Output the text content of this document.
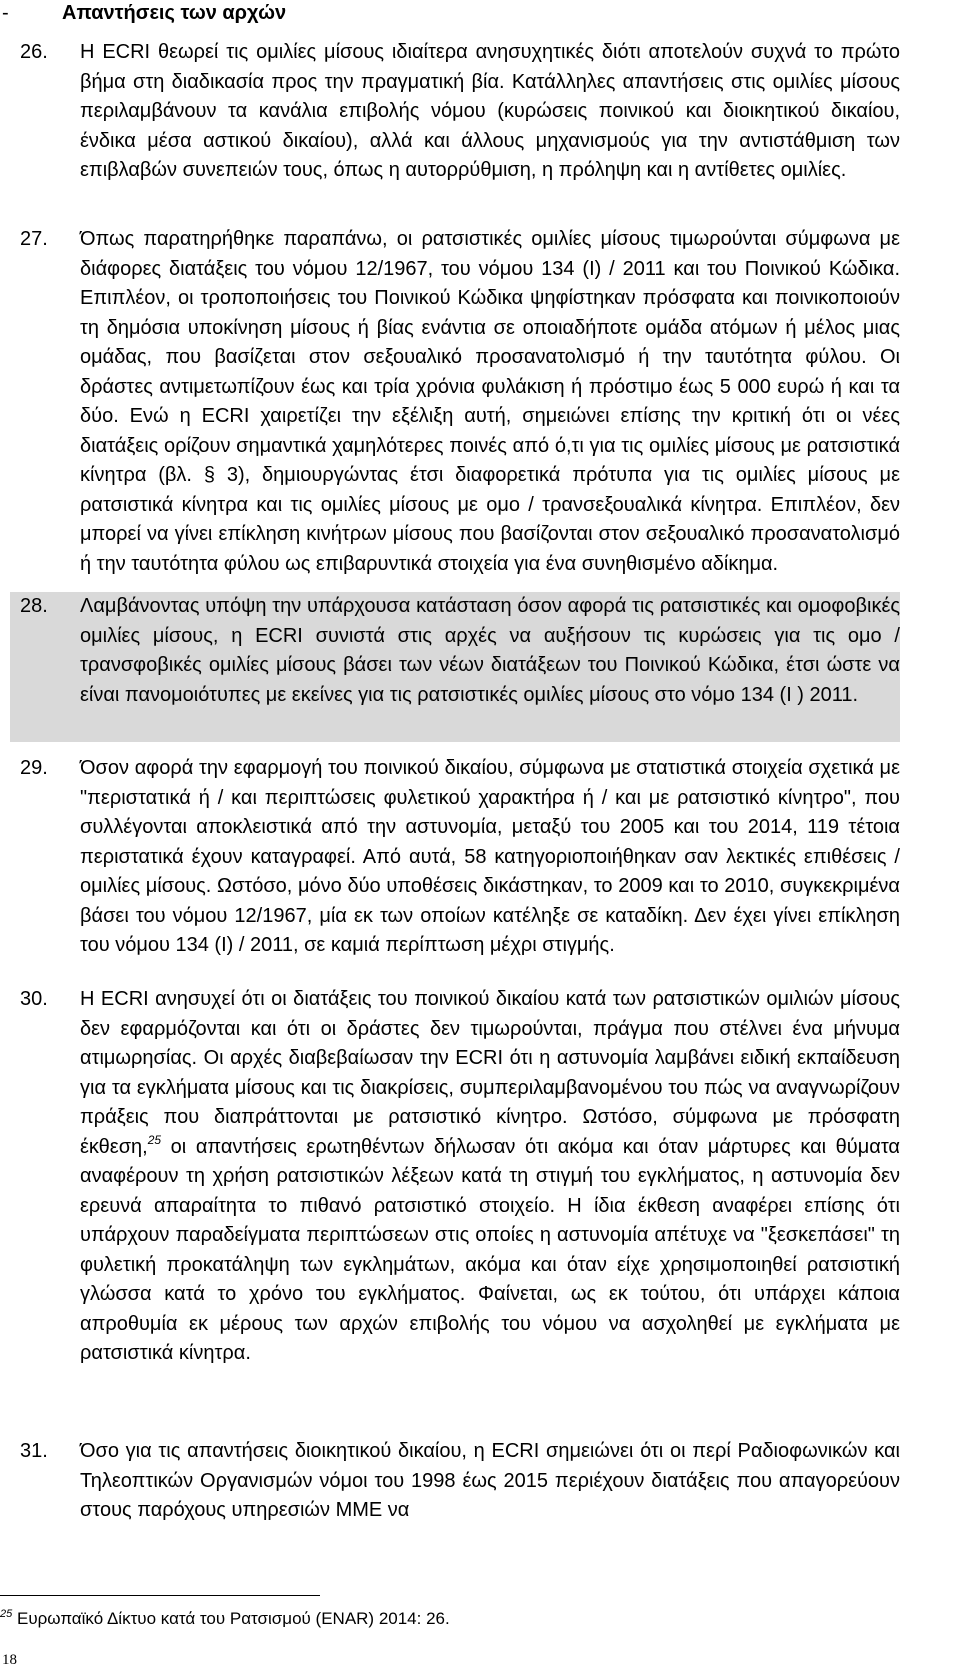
-	Απαντήσεις των αρχών
26.	Η ECRI θεωρεί τις ομιλίες μίσους ιδιαίτερα ανησυχητικές διότι αποτελούν συχνά το πρώτο βήμα στη διαδικασία προς την πραγματική βία. Κατάλληλες απαντήσεις στις ομιλίες μίσους περιλαμβάνουν τα κανάλια επιβολής νόμου (κυρώσεις ποινικού και διοικητικού δικαίου, ένδικα μέσα αστικού δικαίου), αλλά και άλλους μηχανισμούς για την αντιστάθμιση των επιβλαβών συνεπειών τους, όπως η αυτορρύθμιση, η πρόληψη και η αντίθετες ομιλίες.
27.	Όπως παρατηρήθηκε παραπάνω, οι ρατσιστικές ομιλίες μίσους τιμωρούνται σύμφωνα με διάφορες διατάξεις του νόμου 12/1967, του νόμου 134 (Ι) / 2011 και του Ποινικού Κώδικα. Επιπλέον, οι τροποποιήσεις του Ποινικού Κώδικα ψηφίστηκαν πρόσφατα και ποινικοποιούν τη δημόσια υποκίνηση μίσους ή βίας ενάντια σε οποιαδήποτε ομάδα ατόμων ή μέλος μιας ομάδας, που βασίζεται στον σεξουαλικό προσανατολισμό ή την ταυτότητα φύλου. Οι δράστες αντιμετωπίζουν έως και τρία χρόνια φυλάκιση ή πρόστιμο έως 5 000 ευρώ ή και τα δύο. Ενώ η ECRI χαιρετίζει την εξέλιξη αυτή, σημειώνει επίσης την κριτική ότι οι νέες διατάξεις ορίζουν σημαντικά χαμηλότερες ποινές από ό,τι για τις ομιλίες μίσους με ρατσιστικά κίνητρα (βλ. § 3), δημιουργώντας έτσι διαφορετικά πρότυπα για τις ομιλίες μίσους με ρατσιστικά κίνητρα και τις ομιλίες μίσους με ομο / τρανσεξουαλικά κίνητρα. Επιπλέον, δεν μπορεί να γίνει επίκληση κινήτρων μίσους που βασίζονται στον σεξουαλικό προσανατολισμό ή την ταυτότητα φύλου ως επιβαρυντικά στοιχεία για ένα συνηθισμένο αδίκημα.
28.	Λαμβάνοντας υπόψη την υπάρχουσα κατάσταση όσον αφορά τις ρατσιστικές και ομοφοβικές ομιλίες μίσους, η ECRI συνιστά στις αρχές να αυξήσουν τις κυρώσεις για τις ομο / τρανσφοβικές ομιλίες μίσους βάσει των νέων διατάξεων του Ποινικού Κώδικα, έτσι ώστε να είναι πανομοιότυπες με εκείνες για τις ρατσιστικές ομιλίες μίσους στο νόμο 134 (Ι ) 2011.
29.	Όσον αφορά την εφαρμογή του ποινικού δικαίου, σύμφωνα με στατιστικά στοιχεία σχετικά με "περιστατικά ή / και περιπτώσεις φυλετικού χαρακτήρα ή / και με ρατσιστικό κίνητρο", που συλλέγονται αποκλειστικά από την αστυνομία, μεταξύ του 2005 και του 2014, 119 τέτοια περιστατικά έχουν καταγραφεί. Από αυτά, 58 κατηγοριοποιήθηκαν σαν λεκτικές επιθέσεις / ομιλίες μίσους. Ωστόσο, μόνο δύο υποθέσεις δικάστηκαν, το 2009 και το 2010, συγκεκριμένα βάσει του νόμου 12/1967, μία εκ των οποίων κατέληξε σε καταδίκη. Δεν έχει γίνει επίκληση του νόμου 134 (Ι) / 2011, σε καμιά περίπτωση μέχρι στιγμής.
30.	Η ECRI ανησυχεί ότι οι διατάξεις του ποινικού δικαίου κατά των ρατσιστικών ομιλιών μίσους δεν εφαρμόζονται και ότι οι δράστες δεν τιμωρούνται, πράγμα που στέλνει ένα μήνυμα ατιμωρησίας. Οι αρχές διαβεβαίωσαν την ECRI ότι η αστυνομία λαμβάνει ειδική εκπαίδευση για τα εγκλήματα μίσους και τις διακρίσεις, συμπεριλαμβανομένου του πώς να αναγνωρίζουν πράξεις που διαπράττονται με ρατσιστικό κίνητρο. Ωστόσο, σύμφωνα με πρόσφατη έκθεση,$^{25}$ οι απαντήσεις ερωτηθέντων δήλωσαν ότι ακόμα και όταν μάρτυρες και θύματα αναφέρουν τη χρήση ρατσιστικών λέξεων κατά τη στιγμή του εγκλήματος, η αστυνομία δεν ερευνά απαραίτητα το πιθανό ρατσιστικό στοιχείο. Η ίδια έκθεση αναφέρει επίσης ότι υπάρχουν παραδείγματα περιπτώσεων στις οποίες η αστυνομία απέτυχε να "ξεσκεπάσει" τη φυλετική προκατάληψη των εγκλημάτων, ακόμα και όταν είχε χρησιμοποιηθεί ρατσιστική γλώσσα κατά το χρόνο του εγκλήματος. Φαίνεται, ως εκ τούτου, ότι υπάρχει κάποια απροθυμία εκ μέρους των αρχών επιβολής του νόμου να ασχοληθεί με εγκλήματα με ρατσιστικά κίνητρα.
31.	Όσο για τις απαντήσεις διοικητικού δικαίου, η ECRI σημειώνει ότι οι περί Ραδιοφωνικών και Τηλεοπτικών Οργανισμών νόμοι του 1998 έως 2015 περιέχουν διατάξεις που απαγορεύουν στους παρόχους υπηρεσιών ΜΜΕ να
$^{25}$ Ευρωπαϊκό Δίκτυο κατά του Ρατσισμού (ENAR) 2014: 26.
18
